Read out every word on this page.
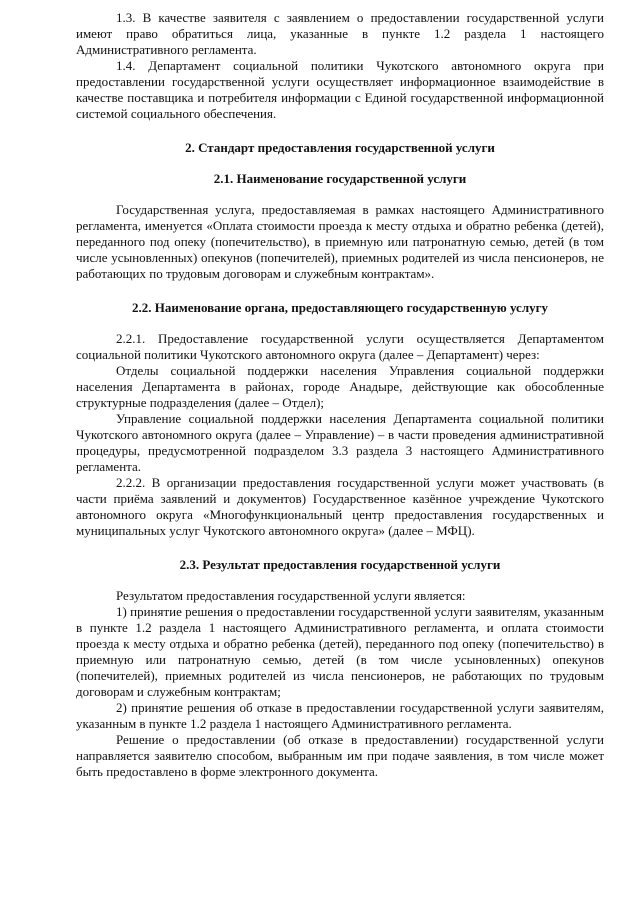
1.3. В качестве заявителя с заявлением о предоставлении государственной услуги имеют право обратиться лица, указанные в пункте 1.2 раздела 1 настоящего Административного регламента.

1.4. Департамент социальной политики Чукотского автономного округа при предоставлении государственной услуги осуществляет информационное взаимодействие в качестве поставщика и потребителя информации с Единой государственной информационной системой социального обеспечения.

2. Стандарт предоставления государственной услуги
2.1. Наименование государственной услуги

Государственная услуга, предоставляемая в рамках настоящего Административного регламента, именуется «Оплата стоимости проезда к месту отдыха и обратно ребенка (детей), переданного под опеку (попечительство), в приемную или патронатную семью, детей (в том числе усыновленных) опекунов (попечителей), приемных родителей из числа пенсионеров, не работающих по трудовым договорам и служебным контрактам».

2.2. Наименование органа, предоставляющего государственную услугу

2.2.1. Предоставление государственной услуги осуществляется Департаментом социальной политики Чукотского автономного округа (далее – Департамент) через:

Отделы социальной поддержки населения Управления социальной поддержки населения Департамента в районах, городе Анадыре, действующие как обособленные структурные подразделения (далее – Отдел);

Управление социальной поддержки населения Департамента социальной политики Чукотского автономного округа (далее – Управление) – в части проведения административной процедуры, предусмотренной подразделом 3.3 раздела 3 настоящего Административного регламента.

2.2.2. В организации предоставления государственной услуги может участвовать (в части приёма заявлений и документов) Государственное казённое учреждение Чукотского автономного округа «Многофункциональный центр предоставления государственных и муниципальных услуг Чукотского автономного округа» (далее – МФЦ).

2.3. Результат предоставления государственной услуги

Результатом предоставления государственной услуги является:

1) принятие решения о предоставлении государственной услуги заявителям, указанным в пункте 1.2 раздела 1 настоящего Административного регламента, и оплата стоимости проезда к месту отдыха и обратно ребенка (детей), переданного под опеку (попечительство) в приемную или патронатную семью, детей (в том числе усыновленных) опекунов (попечителей), приемных родителей из числа пенсионеров, не работающих по трудовым договорам и служебным контрактам;

2) принятие решения об отказе в предоставлении государственной услуги заявителям, указанным в пункте 1.2 раздела 1 настоящего Административного регламента.

Решение о предоставлении (об отказе в предоставлении) государственной услуги направляется заявителю способом, выбранным им при подаче заявления, в том числе может быть предоставлено в форме электронного документа.
